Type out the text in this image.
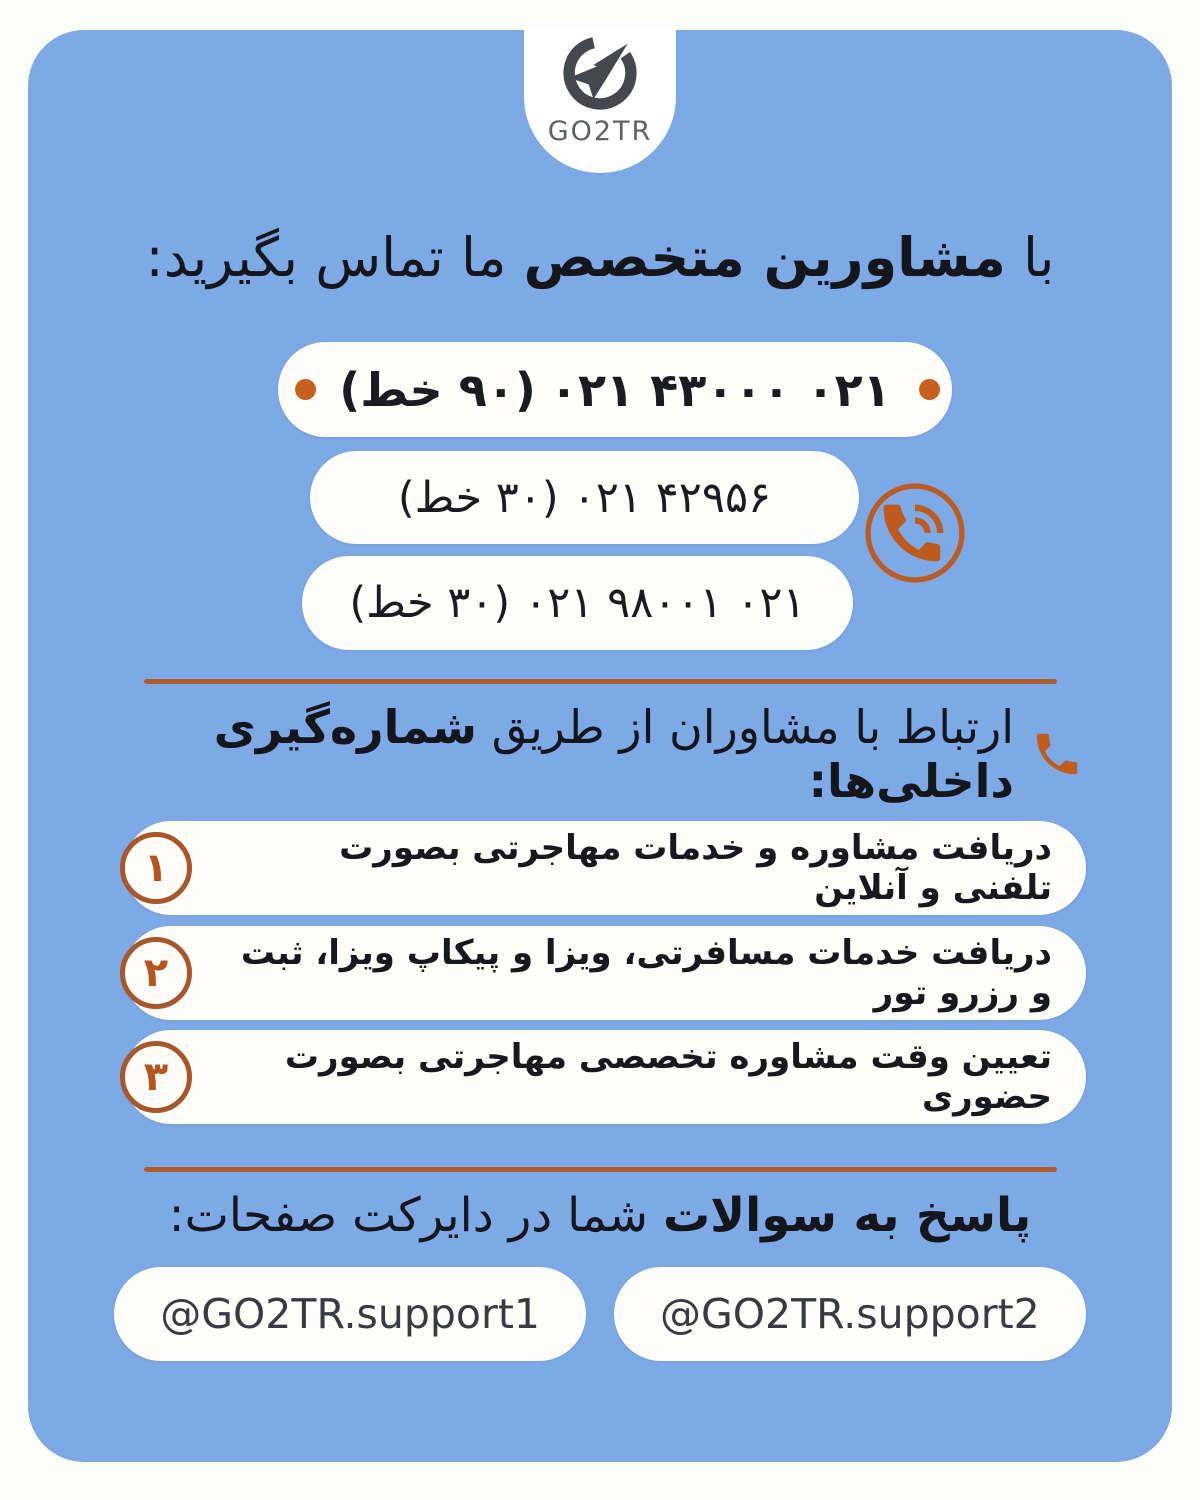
GO2TR
با مشاورین متخصص ما تماس بگیرید:
۰۲۱ ۴۳۰۰۰ ۰۲۱
(۹۰ خط)
۴۲۹۵۶ ۰۲۱
(۳۰ خط)
۰۲۱ ۹۸۰۰۱ ۰۲۱
(۳۰ خط)
ارتباط با مشاوران از طریق شماره‌گیری داخلی‌ها:
۱	دریافت مشاوره و خدمات مهاجرتی بصورت تلفنی و آنلاین
۲	دریافت خدمات مسافرتی، ویزا و پیکاپ ویزا، ثبت و رزرو تور
۳	تعیین وقت مشاوره تخصصی مهاجرتی بصورت حضوری
پاسخ به سوالات شما در دایرکت صفحات:
@GO2TR.support1	@GO2TR.support2
